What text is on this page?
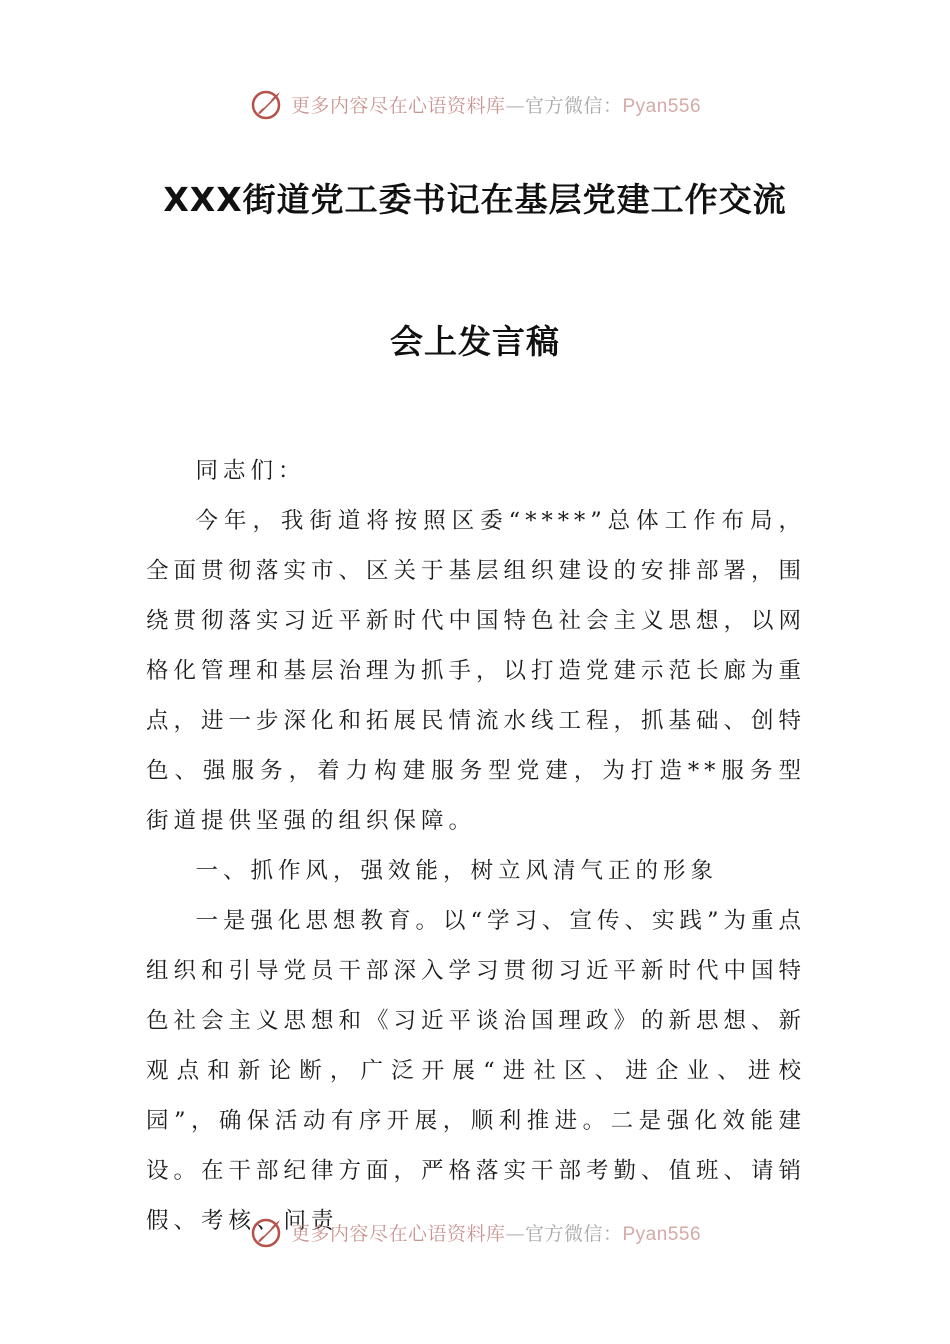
更多内容尽在心语资料库—官方微信：Pyan556
XXX街道党工委书记在基层党建工作交流
会上发言稿

同志们：

今年，我街道将按照区委“****”总体工作布局，全面贯彻落实市、区关于基层组织建设的安排部署，围绕贯彻落实习近平新时代中国特色社会主义思想，以网格化管理和基层治理为抓手，以打造党建示范长廊为重点，进一步深化和拓展民情流水线工程，抓基础、创特色、强服务，着力构建服务型党建，为打造**服务型街道提供坚强的组织保障。

一、抓作风，强效能，树立风清气正的形象

一是强化思想教育。以“学习、宣传、实践”为重点组织和引导党员干部深入学习贯彻习近平新时代中国特色社会主义思想和《习近平谈治国理政》的新思想、新观点和新论断，广泛开展“进社区、进企业、进校园”，确保活动有序开展，顺利推进。二是强化效能建设。在干部纪律方面，严格落实干部考勤、值班、请销假、考核、问责

更多内容尽在心语资料库—官方微信：Pyan556
